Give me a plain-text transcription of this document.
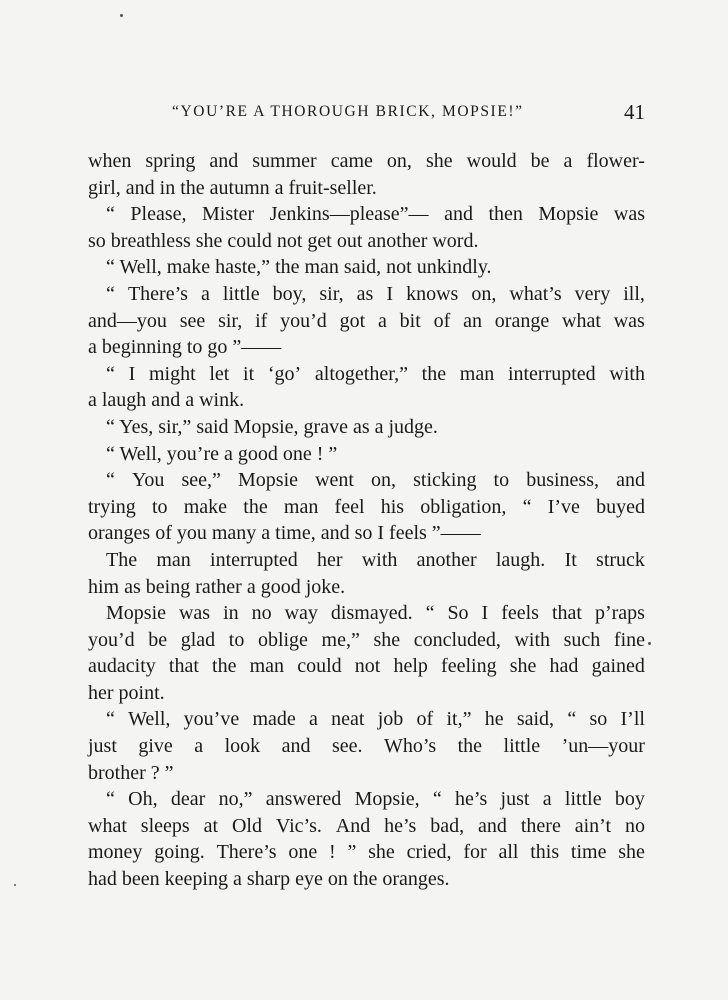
“YOU’RE A THOROUGH BRICK, MOPSIE!”	41
when spring and summer came on, she would be a flower-
girl, and in the autumn a fruit-seller.
“ Please, Mister Jenkins—please”— and then Mopsie was
so breathless she could not get out another word.
“ Well, make haste,” the man said, not unkindly.
“ There’s a little boy, sir, as I knows on, what’s very ill,
and—you see sir, if you’d got a bit of an orange what was
a beginning to go ”——
“ I might let it ‘go’ altogether,” the man interrupted with
a laugh and a wink.
“ Yes, sir,” said Mopsie, grave as a judge.
“ Well, you’re a good one ! ”
“ You see,” Mopsie went on, sticking to business, and
trying to make the man feel his obligation, “ I’ve buyed
oranges of you many a time, and so I feels ”——
The man interrupted her with another laugh. It struck
him as being rather a good joke.
Mopsie was in no way dismayed. “ So I feels that p’raps
you’d be glad to oblige me,” she concluded, with such fine
audacity that the man could not help feeling she had gained
her point.
“ Well, you’ve made a neat job of it,” he said, “ so I’ll
just give a look and see. Who’s the little ’un—your
brother ? ”
“ Oh, dear no,” answered Mopsie, “ he’s just a little boy
what sleeps at Old Vic’s. And he’s bad, and there ain’t no
money going. There’s one ! ” she cried, for all this time she
had been keeping a sharp eye on the oranges.
